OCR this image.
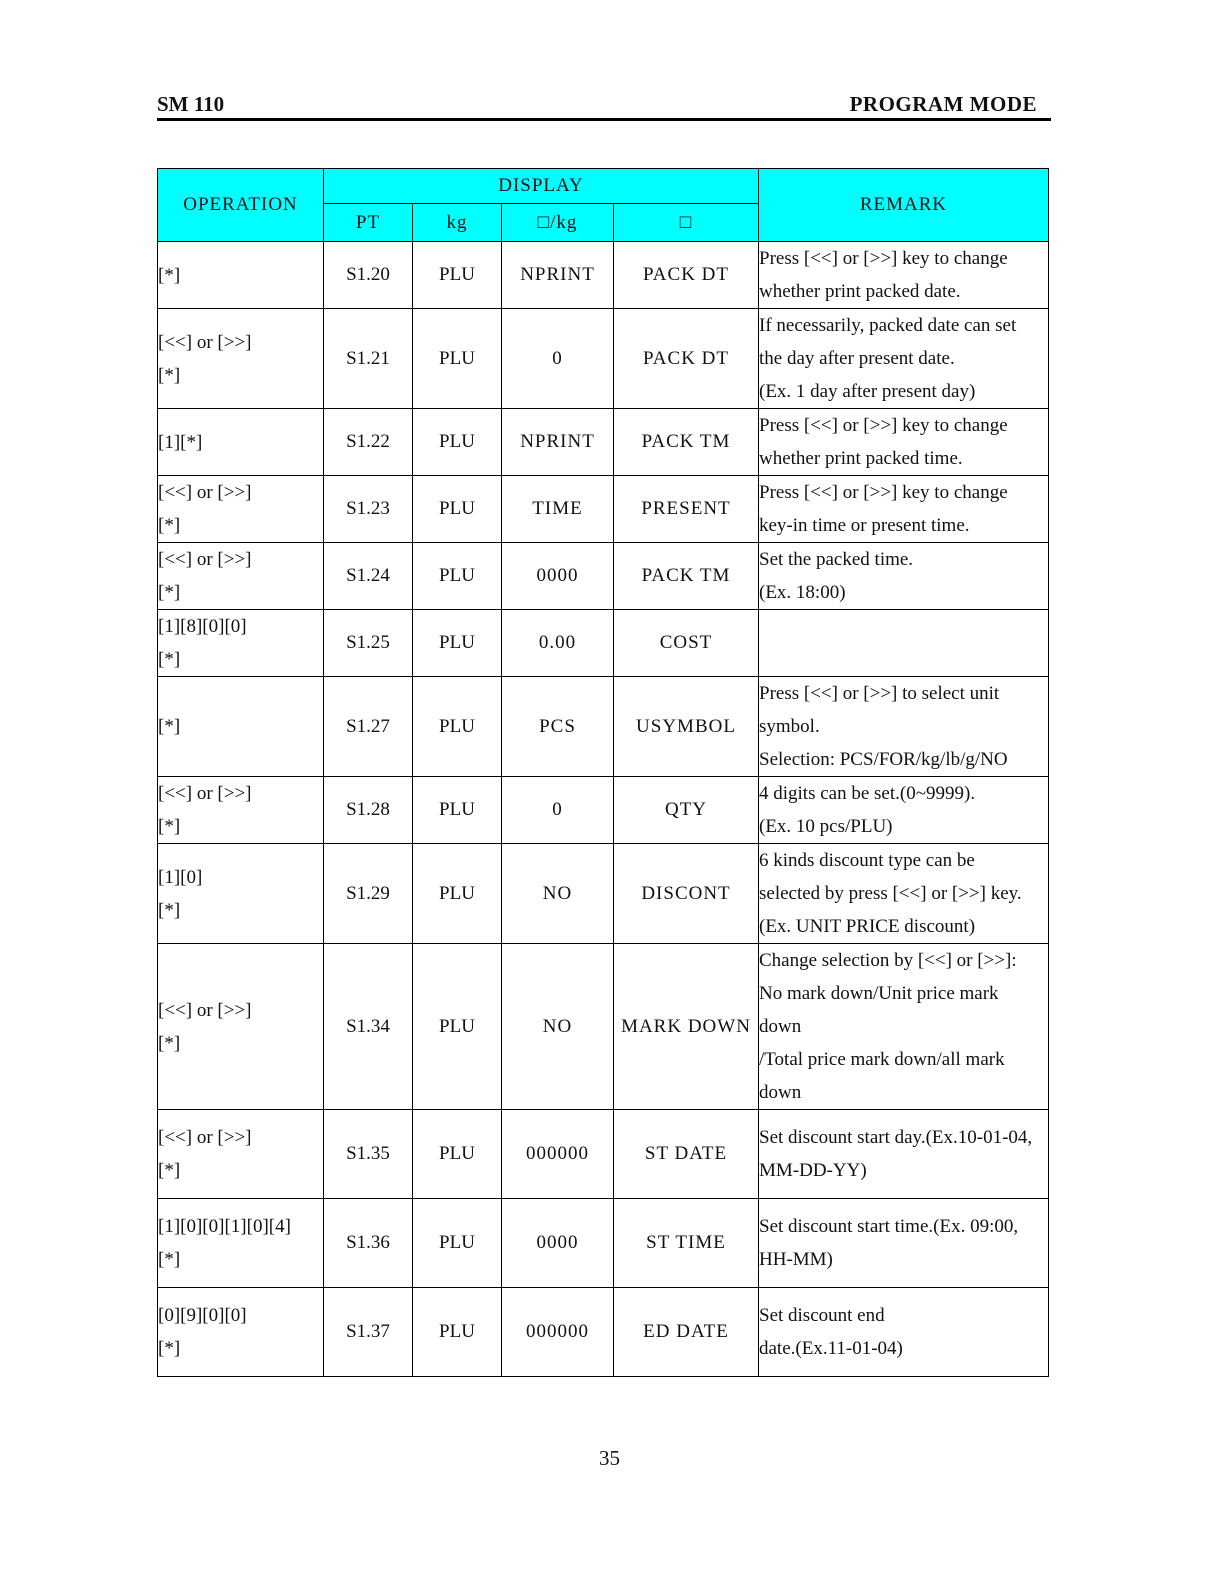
SM 110	PROGRAM MODE
OPERATION	DISPLAY				REMARK
	PT	kg	□/kg	□	

[*]	S1.20	PLU	NPRINT	PACK DT	Press [<<] or [>>] key to change
whether print packed date.

[<<] or [>>]
[*]	S1.21	PLU	0	PACK DT	If necessarily, packed date can set
the day after present date.
(Ex. 1 day after present day)

[1][*]	S1.22	PLU	NPRINT	PACK TM	Press [<<] or [>>] key to change
whether print packed time.

[<<] or [>>]
[*]	S1.23	PLU	TIME	PRESENT	Press [<<] or [>>] key to change
key-in time or present time.

[<<] or [>>]
[*]	S1.24	PLU	0000	PACK TM	Set the packed time.
(Ex. 18:00)

[1][8][0][0]
[*]	S1.25	PLU	0.00	COST	

[*]	S1.27	PLU	PCS	USYMBOL	Press [<<] or [>>] to select unit
symbol.
Selection: PCS/FOR/kg/lb/g/NO

[<<] or [>>]
[*]	S1.28	PLU	0	QTY	4 digits can be set.(0~9999).
(Ex. 10 pcs/PLU)

[1][0]
[*]	S1.29	PLU	NO	DISCONT	6 kinds discount type can be
selected by press [<<] or [>>] key.
(Ex. UNIT PRICE discount)

[<<] or [>>]
[*]	S1.34	PLU	NO	MARK DOWN	Change selection by [<<] or [>>]:
No mark down/Unit price mark
down
/Total price mark down/all mark
down

[<<] or [>>]
[*]	S1.35	PLU	000000	ST DATE	Set discount start day.(Ex.10-01-04,
MM-DD-YY)

[1][0][0][1][0][4]
[*]	S1.36	PLU	0000	ST TIME	Set discount start time.(Ex. 09:00,
HH-MM)

[0][9][0][0]
[*]	S1.37	PLU	000000	ED DATE	Set discount end
date.(Ex.11-01-04)
35
